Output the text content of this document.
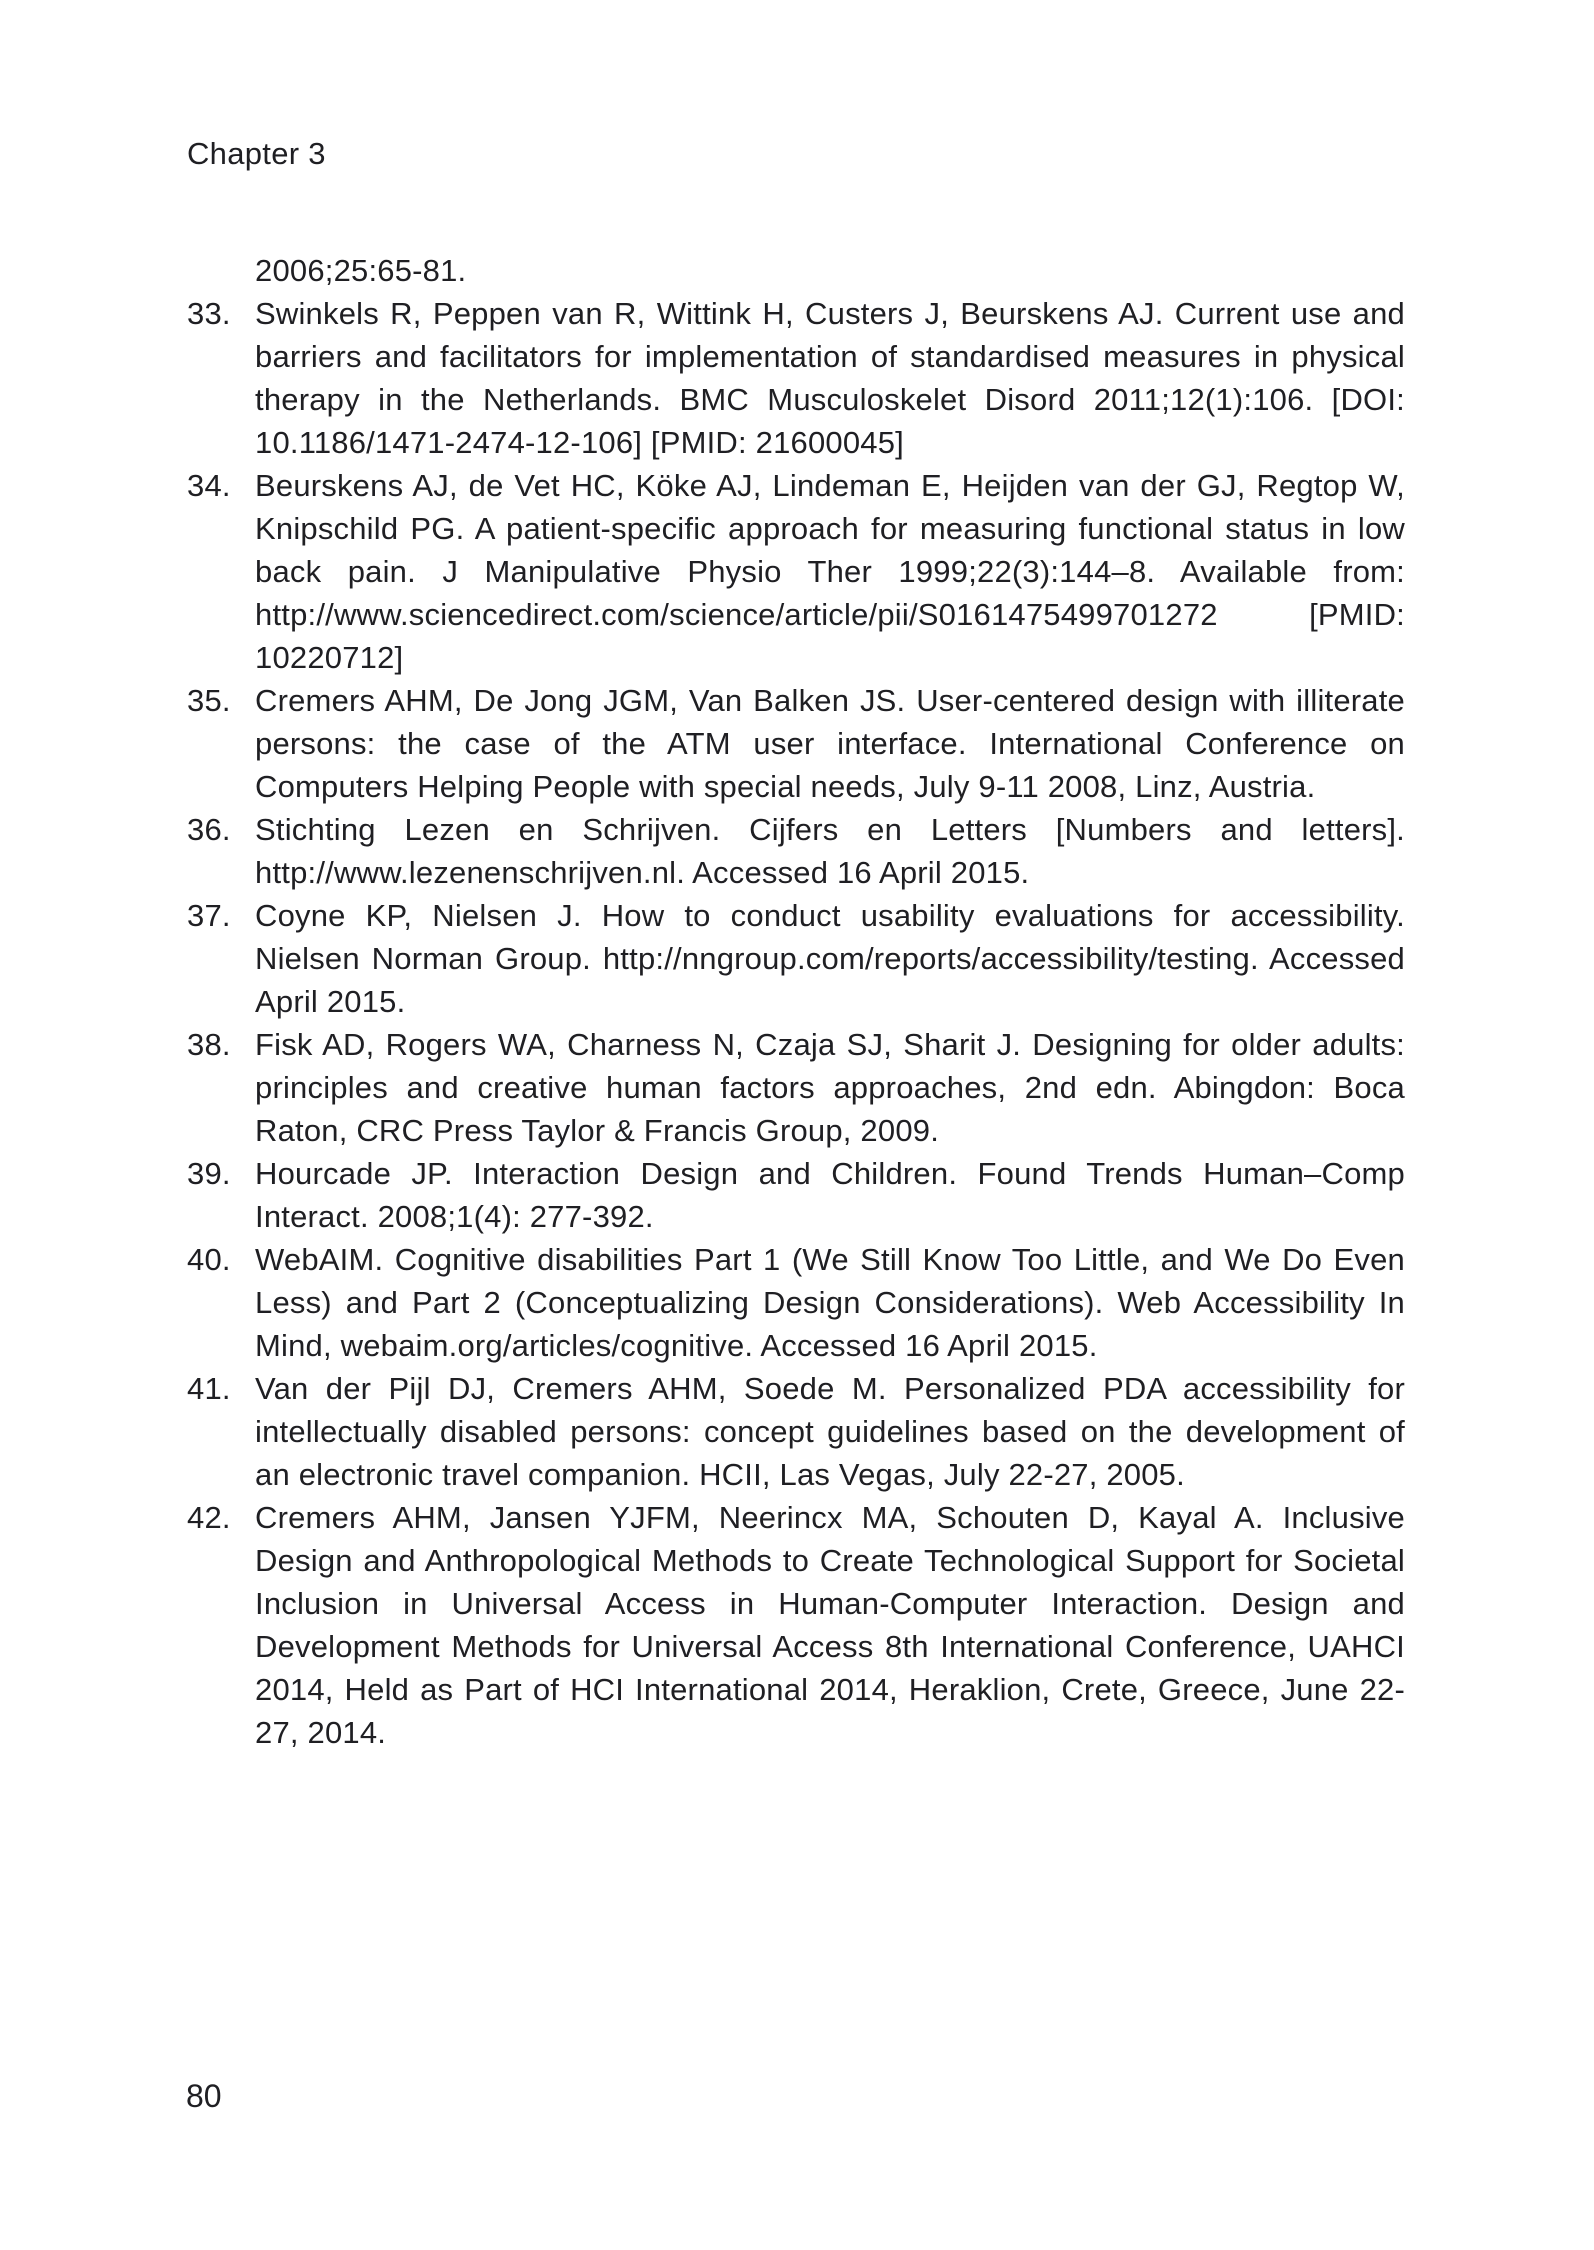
Chapter 3
2006;25:65-81.
33. Swinkels R, Peppen van R, Wittink H, Custers J, Beurskens AJ. Current use and barriers and facilitators for implementation of standardised measures in physical therapy in the Netherlands. BMC Musculoskelet Disord 2011;12(1):106. [DOI: 10.1186/​1471-2474-12-106] [PMID: 21600045]
34. Beurskens AJ, de Vet HC, Köke AJ, Lindeman E, Heijden van der GJ, Regtop W, Knipschild PG. A patient-specific approach for measuring functional status in low back pain. J Manipulative Physio Ther 1999;22(3):144–8. Available from: http://www.sciencedirect.com/​science/​article/​pii/​S0161475499701272 [PMID: 10220712]
35. Cremers AHM, De Jong JGM, Van Balken JS. User-centered design with illiterate persons: the case of the ATM user interface. International Conference on Computers Helping People with special needs, July 9-11 2008, Linz, Austria.
36. Stichting Lezen en Schrijven. Cijfers en Letters [Numbers and letters]. http://www.lezenenschrijven.nl. Accessed 16 April 2015.
37. Coyne KP, Nielsen J. How to conduct usability evaluations for accessibility. Nielsen Norman Group. http://nngroup.com/​reports/​accessibility/​testing. Accessed April 2015.
38. Fisk AD, Rogers WA, Charness N, Czaja SJ, Sharit J. Designing for older adults: principles and creative human factors approaches, 2nd edn. Abingdon: Boca Raton, CRC Press Taylor & Francis Group, 2009.
39. Hourcade JP. Interaction Design and Children. Found Trends Human–Comp Interact. 2008;1(4): 277-392.
40. WebAIM. Cognitive disabilities Part 1 (We Still Know Too Little, and We Do Even Less) and Part 2 (Conceptualizing Design Considerations). Web Accessibility In Mind, webaim.org/​articles/​cognitive. Accessed 16 April 2015.
41. Van der Pijl DJ, Cremers AHM, Soede M. Personalized PDA accessibility for intellectually disabled persons: concept guidelines based on the development of an electronic travel companion. HCII, Las Vegas, July 22-27, 2005.
42. Cremers AHM, Jansen YJFM, Neerincx MA, Schouten D, Kayal A. Inclusive Design and Anthropological Methods to Create Technological Support for Societal Inclusion in Universal Access in Human-Computer Interaction. Design and Development Methods for Universal Access 8th International Conference, UAHCI 2014, Held as Part of HCI International 2014, Heraklion, Crete, Greece, June 22-27, 2014.
80
